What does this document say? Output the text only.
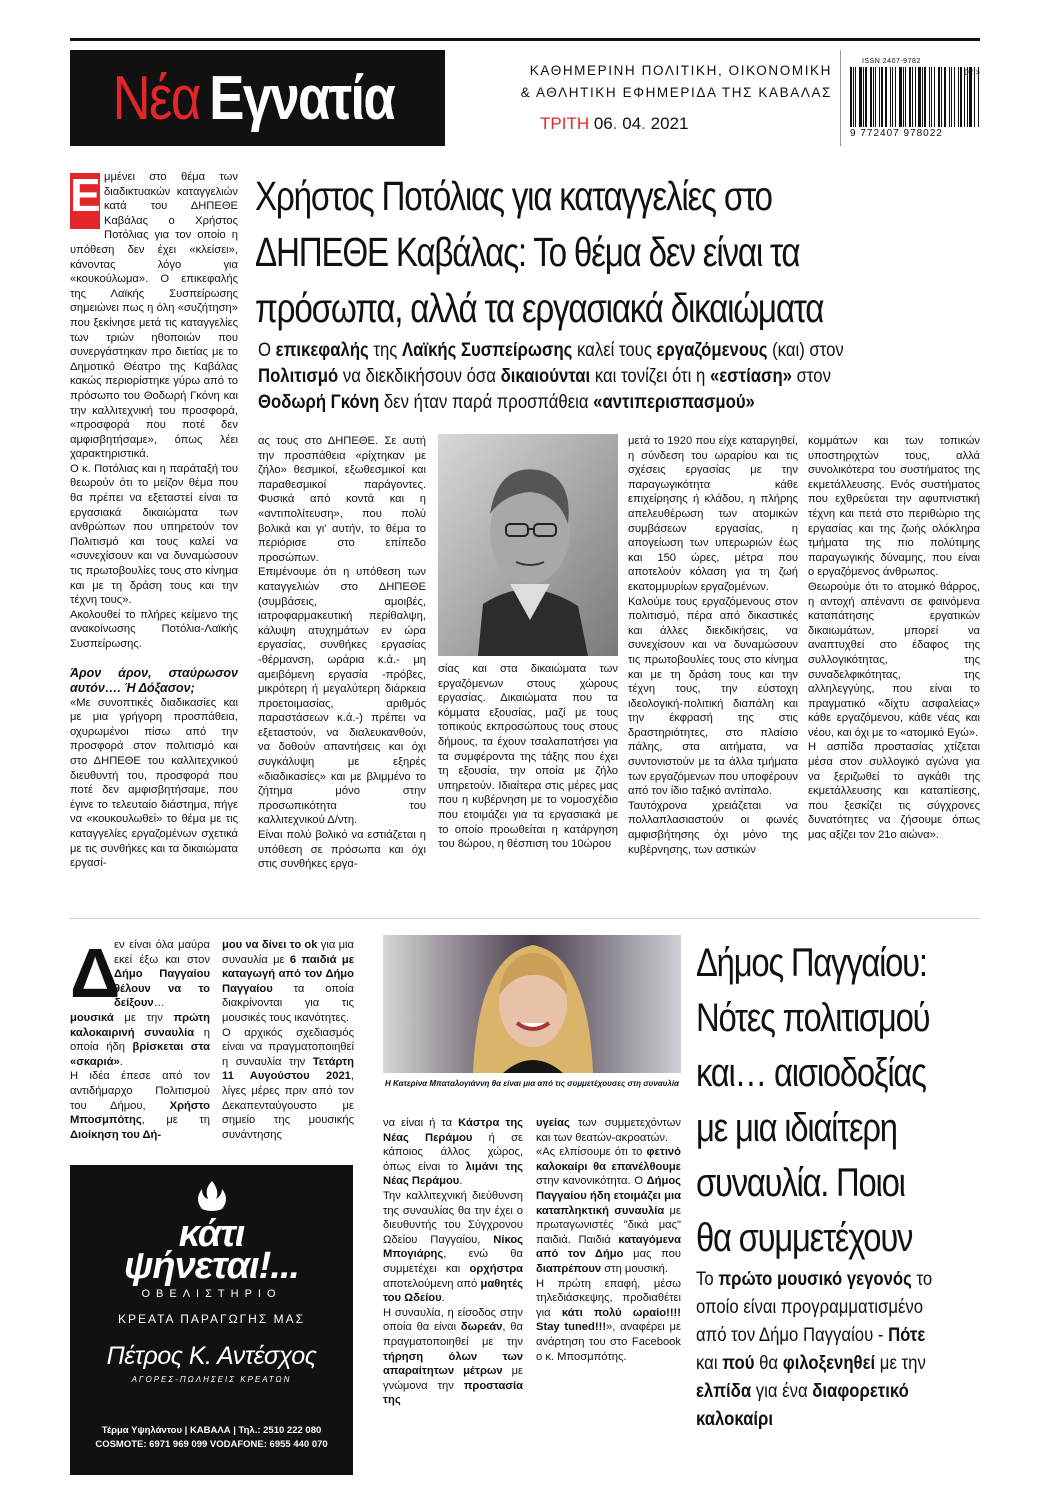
Νέα Εγνατία	ΚΑΘΗΜΕΡΙΝΗ ΠΟΛΙΤΙΚΗ, ΟΙΚΟΝΟΜΙΚΗ
& ΑΘΛΗΤΙΚΗ ΕΦΗΜΕΡΙΔΑ ΤΗΣ ΚΑΒΑΛΑΣ
ΤΡΙΤΗ 06. 04. 2021
ISSN 2407-9782
9 772407 978022
02 >
Χρήστος Ποτόλιας για καταγγελίες στο
ΔΗΠΕΘΕ Καβάλας: Το θέμα δεν είναι τα
πρόσωπα, αλλά τα εργασιακά δικαιώματα
Ο επικεφαλής της Λαϊκής Συσπείρωσης καλεί τους εργαζόμενους (και) στον
Πολιτισμό να διεκδικήσουν όσα δικαιούνται και τονίζει ότι η «εστίαση» στον
Θοδωρή Γκόνη δεν ήταν παρά προσπάθεια «αντιπερισπασμού»
Ε μμένει στο θέμα των διαδικτυακών καταγγελιών κατά του ΔΗΠΕΘΕ Καβάλας ο Χρήστος Ποτόλιας για τον οποίο η υπόθεση δεν έχει «κλείσει», κάνοντας λόγο για «κουκούλωμα». Ο επικεφαλής της Λαϊκής Συσπείρωσης σημειώνει πως η όλη «συζήτηση» που ξεκίνησε μετά τις καταγγελίες των τριών ηθοποιών που συνεργάστηκαν προ διετίας με το Δημοτικό Θέατρο της Καβάλας κακώς περιορίστηκε γύρω από το πρόσωπο του Θοδωρή Γκόνη και την καλλιτεχνική του προσφορά, «προσφορά που ποτέ δεν αμφισβητήσαμε», όπως λέει χαρακτηριστικά.

Ο κ. Ποτόλιας και η παράταξή του θεωρούν ότι το μείζον θέμα που θα πρέπει να εξεταστεί είναι τα εργασιακά δικαιώματα των ανθρώπων που υπηρετούν τον Πολιτισμό και τους καλεί να «συνεχίσουν και να δυναμώσουν τις πρωτοβουλίες τους στο κίνημα και με τη δράση τους και την τέχνη τους».

Ακολουθεί το πλήρες κείμενο της ανακοίνωσης Ποτόλια-Λαϊκής Συσπείρωσης.

Άρον άρον, σταύρωσον αυτόν…. Ή Δόξασον;

«Με συνοπτικές διαδικασίες και με μια γρήγορη προσπάθεια, οχυρωμένοι πίσω από την προσφορά στον πολιτισμό και στο ΔΗΠΕΘΕ του καλλιτεχνικού διευθυντή του, προσφορά που ποτέ δεν αμφισβητήσαμε, που έγινε το τελευταίο διάστημα, πήγε να «κουκουλωθεί» το θέμα με τις καταγγελίες εργαζομένων σχετικά με τις συνθήκες και τα δικαιώματα εργασί-

ας τους στο ΔΗΠΕΘΕ. Σε αυτή την προσπάθεια «ρίχτηκαν με ζήλο» θεσμικοί, εξωθεσμικοί και παραθεσμικοί παράγοντες. Φυσικά από κοντά και η «αντιπολίτευση», που πολύ βολικά και γι' αυτήν, το θέμα το περιόρισε στο επίπεδο προσώπων.

Επιμένουμε ότι η υπόθεση των καταγγελιών στο ΔΗΠΕΘΕ (συμβάσεις, αμοιβές, ιατροφαρμακευτική περίθαλψη, κάλυψη ατυχημάτων εν ώρα εργασίας, συνθήκες εργασίας -θέρμανση, ωράρια κ.ά.- μη αμειβόμενη εργασία -πρόβες, μικρότερη ή μεγαλύτερη διάρκεια προετοιμασίας, αριθμός παραστάσεων κ.ά.-) πρέπει να εξεταστούν, να διαλευκανθούν, να δοθούν απαντήσεις και όχι συγκάλυψη με εξηρές «διαδικασίες» και με βλιμμένο το ζήτημα μόνο στην προσωπικότητα του καλλιτεχνικού Δ/ντη.

Είναι πολύ βολικό να εστιάζεται η υπόθεση σε πρόσωπα και όχι στις συνθήκες εργα-

σίας και στα δικαιώματα των εργαζόμενων στους χώρους εργασίας. Δικαιώματα που τα κόμματα εξουσίας, μαζί με τους τοπικούς εκπροσώπους τους στους δήμους, τα έχουν τσαλαπατήσει για τα συμφέροντα της τάξης που έχει τη εξουσία, την οποία με ζήλο υπηρετούν. Ιδιαίτερα στις μέρες μας που η κυβέρνηση με το νομοσχέδιο που ετοιμάζει για τα εργασιακά με το οποίο προωθείται η κατάργηση του 8ώρου, η θέσπιση του 10ώρου

μετά το 1920 που είχε καταργηθεί, η σύνδεση του ωραρίου και τις σχέσεις εργασίας με την παραγωγικότητα κάθε επιχείρησης ή κλάδου, η πλήρης απελευθέρωση των ατομικών συμβάσεων εργασίας, η απογείωση των υπερωριών έως και 150 ώρες, μέτρα που αποτελούν κόλαση για τη ζωή εκατομμυρίων εργαζομένων.

Καλούμε τους εργαζόμενους στον πολιτισμό, πέρα από δικαστικές και άλλες διεκδικήσεις, να συνεχίσουν και να δυναμώσουν τις πρωτοβουλίες τους στο κίνημα και με τη δράση τους και την τέχνη τους, την εύστοχη ιδεολογική-πολιτική διαπάλη και την έκφρασή της στις δραστηριότητες, στο πλαίσιο πάλης, στα αιτήματα, να συντονιστούν με τα άλλα τμήματα των εργαζόμενων που υποφέρουν από τον ίδιο ταξικό αντίπαλο.

Ταυτόχρονα χρειάζεται να πολλαπλασιαστούν οι φωνές αμφισβήτησης όχι μόνο της κυβέρνησης, των αστικών

κομμάτων και των τοπικών υποστηριχτών τους, αλλά συνολικότερα του συστήματος της εκμετάλλευσης. Ενός συστήματος που εχθρεύεται την αφυπνιστική τέχνη και πετά στο περιθώριο της εργασίας και της ζωής ολόκληρα τμήματα της πιο πολύτιμης παραγωγικής δύναμης, που είναι ο εργαζόμενος άνθρωπος.

Θεωρούμε ότι το ατομικό θάρρος, η αντοχή απέναντι σε φαινόμενα καταπάτησης εργατικών δικαιωμάτων, μπορεί να αναπτυχθεί στο έδαφος της συλλογικότητας, της συναδελφικότητας, της αλληλεγγύης, που είναι το πραγματικό «δίχτυ ασφαλείας» κάθε εργαζόμενου, κάθε νέας και νέου, και όχι με το «ατομικό Εγώ».

Η ασπίδα προστασίας χτίζεται μέσα στον συλλογικό αγώνα για να ξεριζωθεί το αγκάθι της εκμετάλλευσης και καταπίεσης, που ξεσκίζει τις σύγχρονες δυνατότητες να ζήσουμε όπως μας αξίζει τον 21ο αιώνα».

Δ

εν είναι όλα μαύρα εκεί έξω και στον Δήμο Παγγαίου θέλουν να το δείξουν… μουσικά με την πρώτη καλοκαιρινή συναυλία η οποία ήδη βρίσκεται στα «σκαριά».

Η ιδέα έπεσε από τον αντιδήμαρχο Πολιτισμού του Δήμου, Χρήστο Μποσμπότης, με τη Διοίκηση του Δή-

μου να δίνει το ok για μια συναυλία με 6 παιδιά με καταγωγή από τον Δήμο Παγγαίου τα οποία διακρίνονται για τις μουσικές τους ικανότητες.

Ο αρχικός σχεδιασμός είναι να πραγματοποιηθεί η συναυλία την Τετάρτη 11 Αυγούστου 2021, λίγες μέρες πριν από τον Δεκαπενταύγουστο με σημείο της μουσικής συνάντησης

κάτι
ψήνεται!...
ΟΒΕΛΙΣΤΗΡΙΟ
ΚΡΕΑΤΑ ΠΑΡΑΓΩΓΗΣ ΜΑΣ
Πέτρος Κ. Αντέσχος
ΑΓΟΡΕΣ-ΠΩΛΗΣΕΙΣ ΚΡΕΑΤΩΝ
Τέρμα Υψηλάντου | ΚΑΒΑΛΑ | Τηλ.: 2510 222 080
COSMOTE: 6971 969 099 VODAFONE: 6955 440 070
Η Κατερίνα Μπαταλογιάννη θα είναι μια από τις συμμετέχουσες στη συναυλία

να είναι ή τα Κάστρα της Νέας Περάμου ή σε κάποιος άλλος χώρος, όπως είναι το λιμάνι της Νέας Περάμου.

Την καλλιτεχνική διεύθυνση της συναυλίας θα την έχει ο διευθυντής του Σύγχρονου Ωδείου Παγγαίου, Νίκος Μπογιάρης, ενώ θα συμμετέχει και ορχήστρα αποτελούμενη από μαθητές του Ωδείου.

Η συναυλία, η είσοδος στην οποία θα είναι δωρεάν, θα πραγματοποιηθεί με την τήρηση όλων των απαραίτητων μέτρων με γνώμονα την προστασία της

υγείας των συμμετεχόντων και των θεατών-ακροατών.

«Ας ελπίσουμε ότι το φετινό καλοκαίρι θα επανέλθουμε στην κανονικότητα. Ο Δήμος Παγγαίου ήδη ετοιμάζει μια καταπληκτική συναυλία με πρωταγωνιστές "δικά μας" παιδιά. Παιδιά καταγόμενα από τον Δήμο μας που διαπρέπουν στη μουσική.

Η πρώτη επαφή, μέσω τηλεδιάσκεψης, προδιαθέτει για κάτι πολύ ωραίο!!!! Stay tuned!!!», αναφέρει με ανάρτηση του στο Facebook ο κ. Μποσμπότης.

Δήμος Παγγαίου:
Νότες πολιτισμού
και… αισιοδοξίας
με μια ιδιαίτερη
συναυλία. Ποιοι
θα συμμετέχουν
Το πρώτο μουσικό γεγονός το
οποίο είναι προγραμματισμένο
από τον Δήμο Παγγαίου - Πότε
και πού θα φιλοξενηθεί με την
ελπίδα για ένα διαφορετικό
καλοκαίρι
